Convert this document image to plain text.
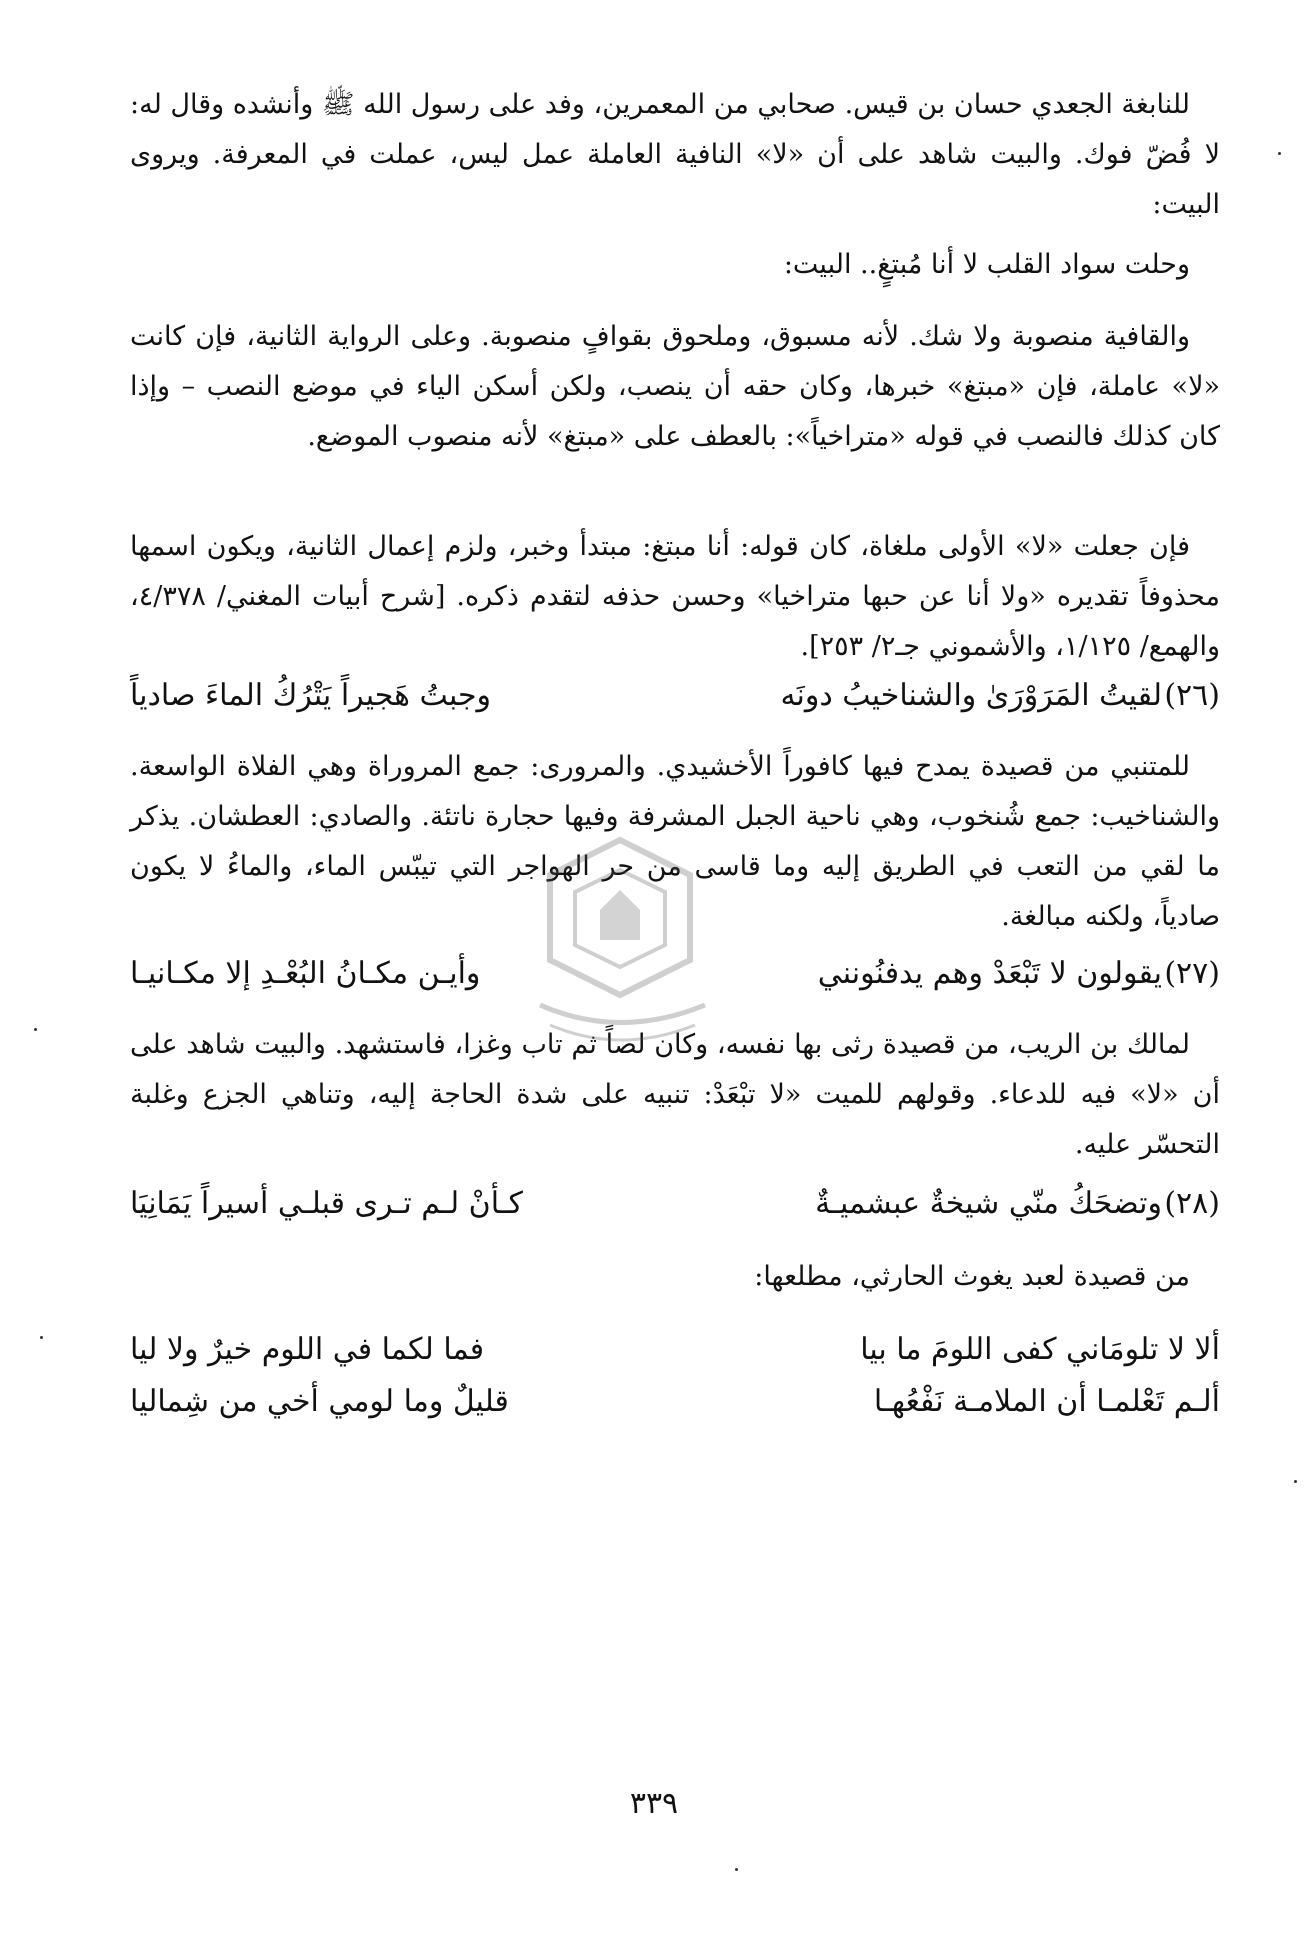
للنابغة الجعدي حسان بن قيس. صحابي من المعمرين، وفد على رسول الله ﷺ وأنشده وقال له: لا فُضّ فوك. والبيت شاهد على أن «لا» النافية العاملة عمل ليس، عملت في المعرفة. ويروى البيت:

وحلت سواد القلب لا أنا مُبتغٍ.. البيت:

والقافية منصوبة ولا شك. لأنه مسبوق، وملحوق بقوافٍ منصوبة. وعلى الرواية الثانية، فإن كانت «لا» عاملة، فإن «مبتغ» خبرها، وكان حقه أن ينصب، ولكن أسكن الياء في موضع النصب – وإذا كان كذلك فالنصب في قوله «متراخياً»: بالعطف على «مبتغ» لأنه منصوب الموضع.

فإن جعلت «لا» الأولى ملغاة، كان قوله: أنا مبتغ: مبتدأ وخبر، ولزم إعمال الثانية، ويكون اسمها محذوفاً تقديره «ولا أنا عن حبها متراخيا» وحسن حذفه لتقدم ذكره. [شرح أبيات المغني/ ٤/٣٧٨، والهمع/ ١/١٢٥، والأشموني جـ٢/ ٢٥٣].

(٢٦)
لقيتُ المَرَوْرَىٰ والشناخيبُ دونَه
وجبتُ هَجيراً يَتْرُكُ الماءَ صادياً

للمتنبي من قصيدة يمدح فيها كافوراً الأخشيدي. والمرورى: جمع المروراة وهي الفلاة الواسعة. والشناخيب: جمع شُنخوب، وهي ناحية الجبل المشرفة وفيها حجارة ناتئة. والصادي: العطشان. يذكر ما لقي من التعب في الطريق إليه وما قاسى من حر الهواجر التي تيبّس الماء، والماءُ لا يكون صادياً، ولكنه مبالغة.

(٢٧)
يقولون لا تَبْعَدْ وهم يدفنُونني
وأيـن مكـانُ البُعْـدِ إلا مكـانيـا

لمالك بن الريب، من قصيدة رثى بها نفسه، وكان لصاً ثم تاب وغزا، فاستشهد. والبيت شاهد على أن «لا» فيه للدعاء. وقولهم للميت «لا تبْعَدْ: تنبيه على شدة الحاجة إليه، وتناهي الجزع وغلبة التحسّر عليه.

(٢٨)
وتضحَكُ منّي شيخةٌ عبشميـةٌ
كـأنْ لـم تـرى قبلـي أسيراً يَمَانِيَا

من قصيدة لعبد يغوث الحارثي، مطلعها:

ألا لا تلومَاني كفى اللومَ ما بيا
فما لكما في اللوم خيرٌ ولا ليا
ألـم تَعْلمـا أن الملامـة نَفْعُهـا
قليلٌ وما لومي أخي من شِماليا
٣٣٩
